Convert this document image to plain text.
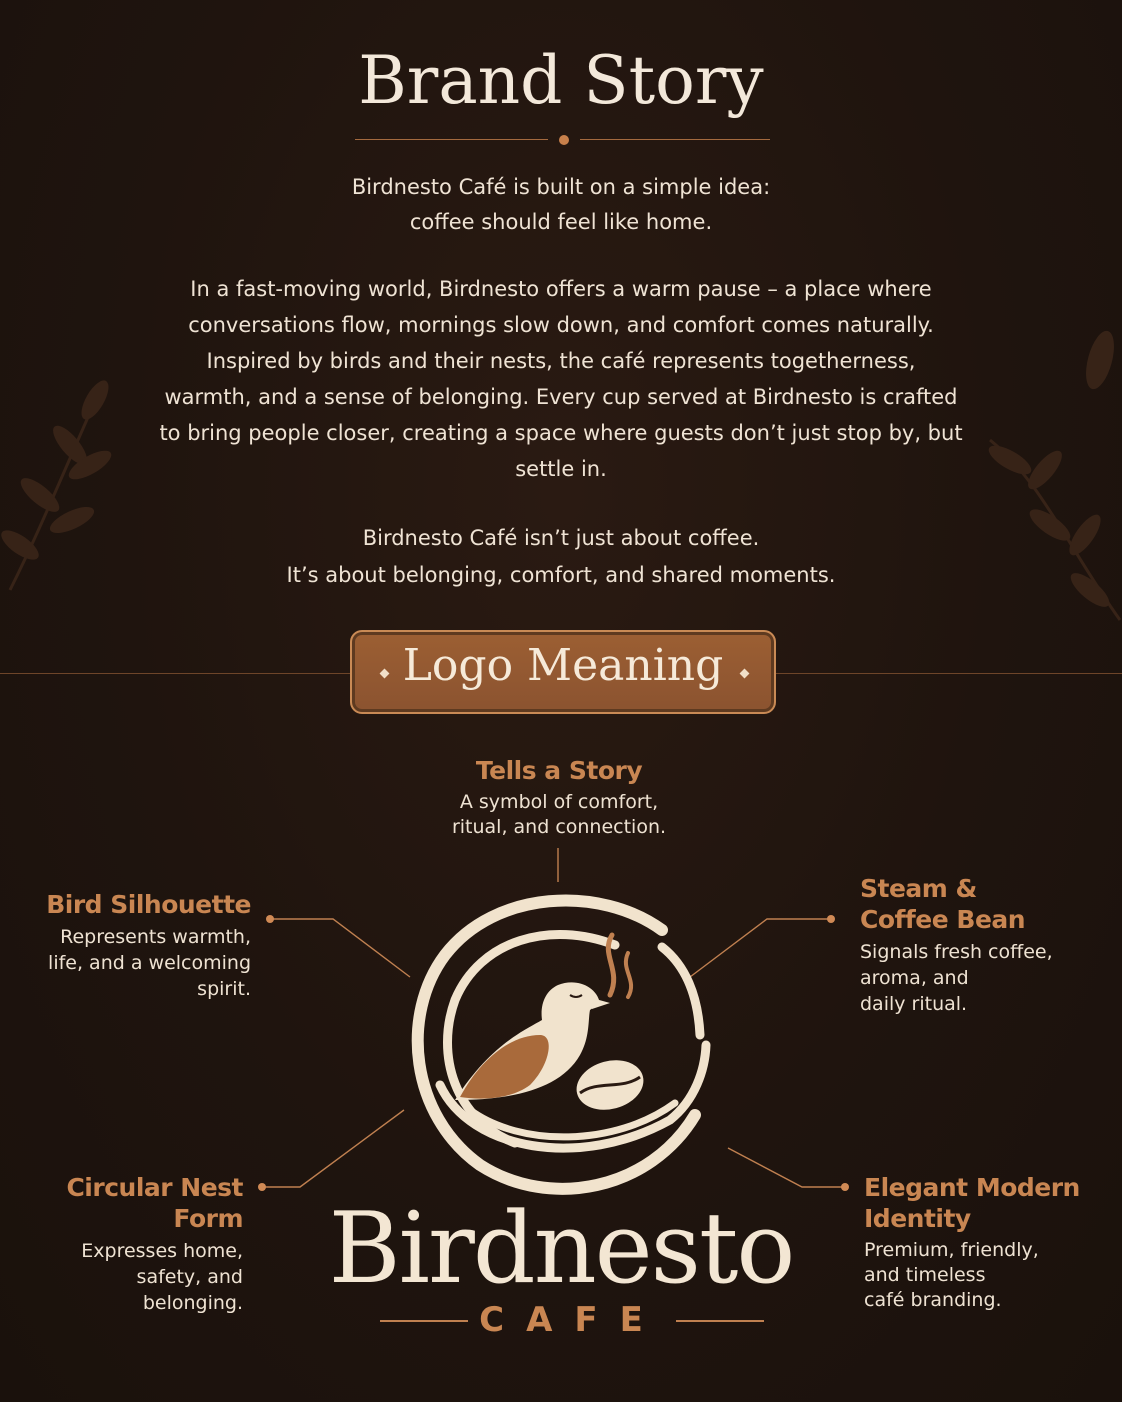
Brand Story

Birdnesto Café is built on a simple idea:

coffee should feel like home.

In a fast-moving world, Birdnesto offers a warm pause – a place where

conversations flow, mornings slow down, and comfort comes naturally.

Inspired by birds and their nests, the café represents togetherness,

warmth, and a sense of belonging. Every cup served at Birdnesto is crafted

to bring people closer, creating a space where guests don’t just stop by, but

settle in.

Birdnesto Café isn’t just about coffee.

It’s about belonging, comfort, and shared moments.

Logo Meaning
Tells a Story
A symbol of comfort,
ritual, and connection.
Bird Silhouette
Represents warmth,
life, and a welcoming
spirit.
Steam &
Coffee Bean
Signals fresh coffee,
aroma, and
daily ritual.
Circular Nest Form
Expresses home,
safety, and
belonging.
Elegant Modern
Identity
Premium, friendly,
and timeless
café branding.
Birdnesto
CAFE
